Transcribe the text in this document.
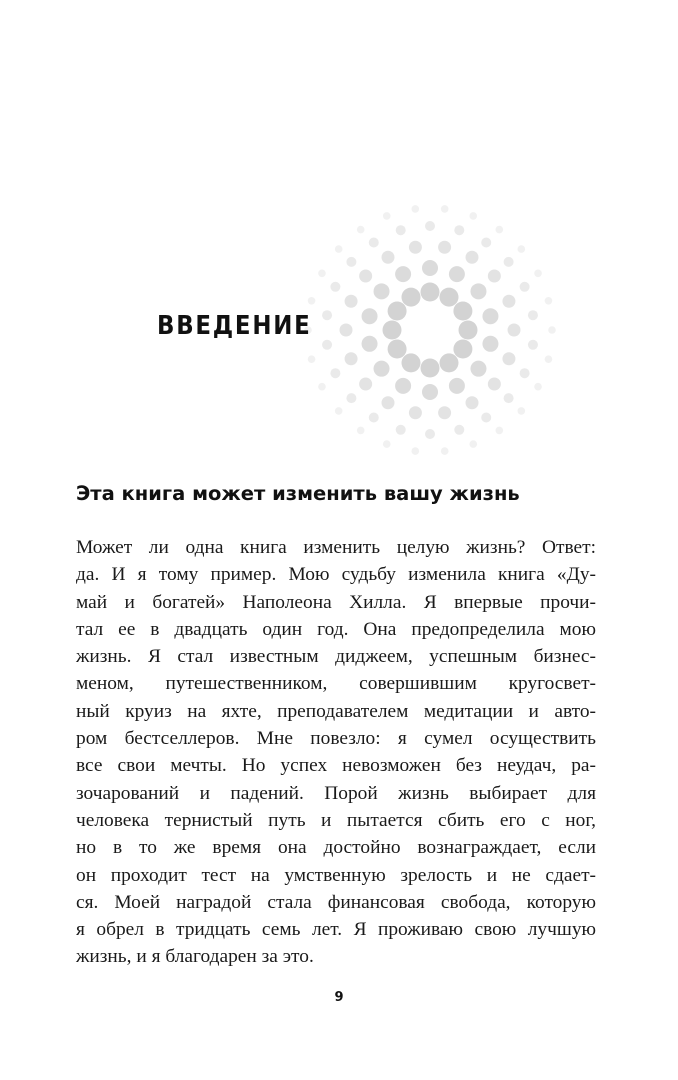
ВВЕДЕНИЕ
Эта книга может изменить вашу жизнь
Может ли одна книга изменить целую жизнь? Ответ:
да. И я тому пример. Мою судьбу изменила книга «Ду-
май и богатей» Наполеона Хилла. Я впервые прочи-
тал ее в двадцать один год. Она предопределила мою
жизнь. Я стал известным диджеем, успешным бизнес-
меном, путешественником, совершившим кругосвет-
ный круиз на яхте, преподавателем медитации и авто-
ром бестселлеров. Мне повезло: я сумел осуществить
все свои мечты. Но успех невозможен без неудач, ра-
зочарований и падений. Порой жизнь выбирает для
человека тернистый путь и пытается сбить его с ног,
но в то же время она достойно вознаграждает, если
он проходит тест на умственную зрелость и не сдает-
ся. Моей наградой стала финансовая свобода, которую
я обрел в тридцать семь лет. Я проживаю свою лучшую
жизнь, и я благодарен за это.
9
